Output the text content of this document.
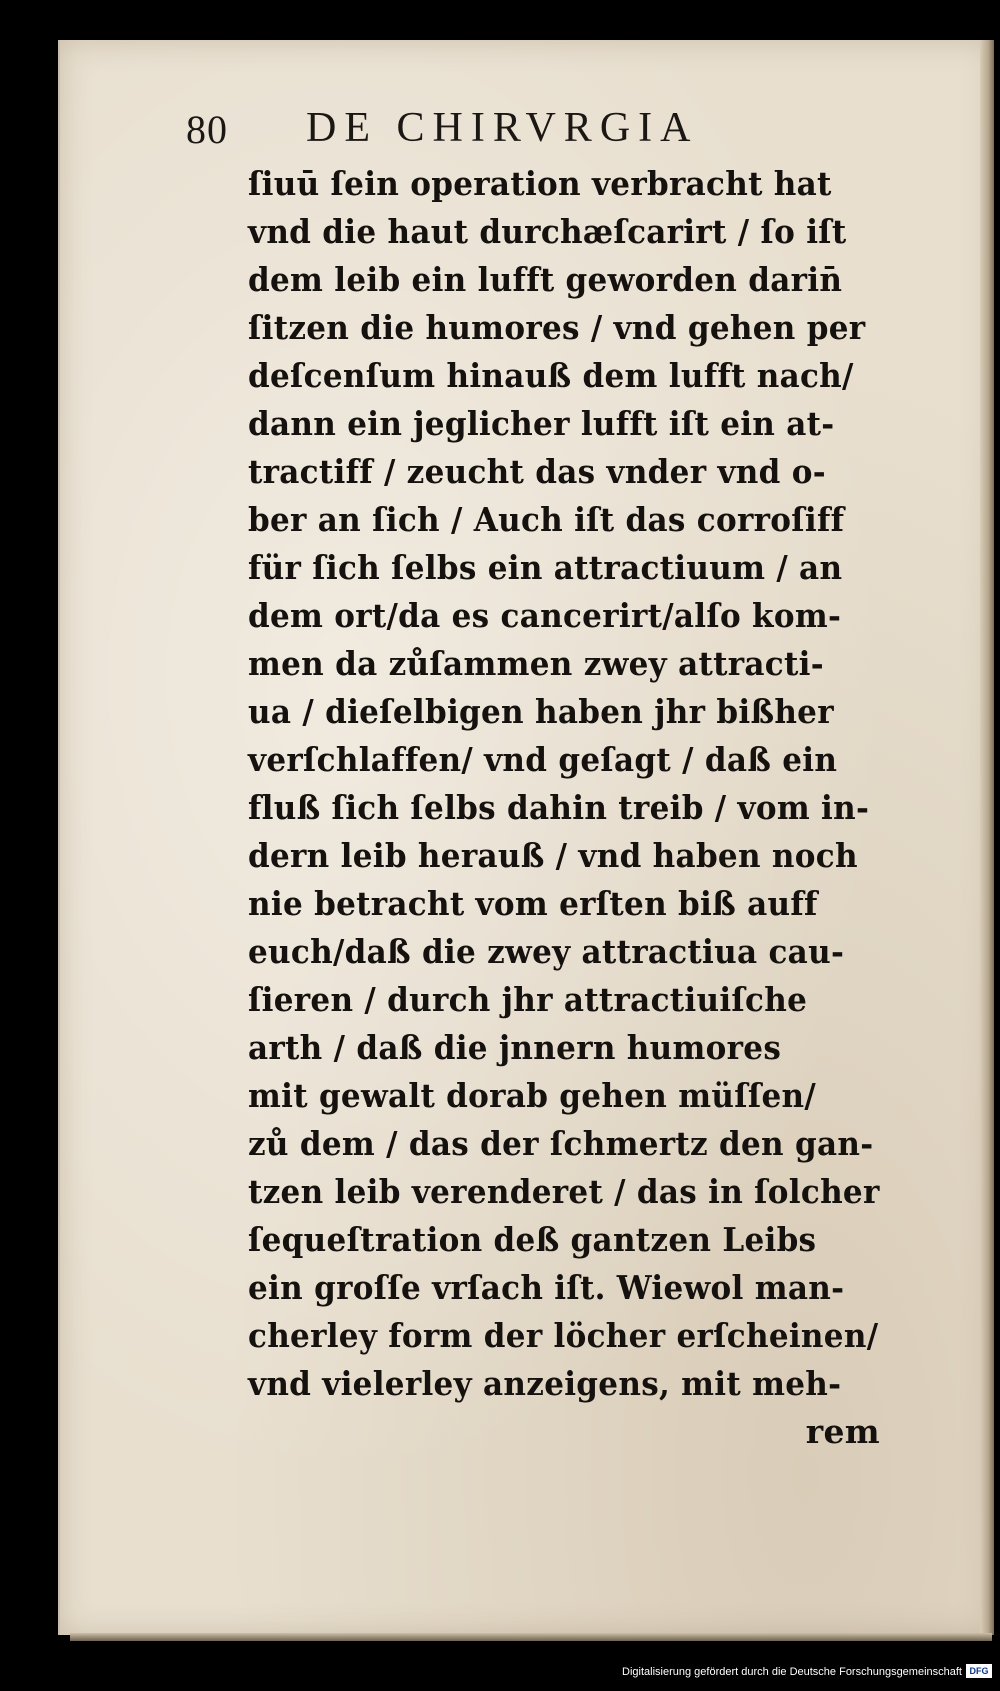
80 DE CHIRVRGIA
ſiuū ſein operation verbracht hat
vnd die haut durchæſcarirt / ſo iſt
dem leib ein lufft geworden darin̄
ſitzen die humores / vnd gehen per
deſcenſum hinauß dem lufft nach/
dann ein jeglicher lufft iſt ein at-
tractiff / zeucht das vnder vnd o-
ber an ſich / Auch iſt das corroſiff
für ſich ſelbs ein attractiuum / an
dem ort/da es cancerirt/alſo kom-
men da zůſammen zwey attracti-
ua / dieſelbigen haben jhr bißher
verſchlaffen/ vnd geſagt / daß ein
fluß ſich ſelbs dahin treib / vom in-
dern leib herauß / vnd haben noch
nie betracht vom erſten biß auff
euch/daß die zwey attractiua cau-
ſieren / durch jhr attractiuiſche
arth / daß die jnnern humores
mit gewalt dorab gehen müſſen/
zů dem / das der ſchmertz den gan-
tzen leib verenderet / das in ſolcher
ſequeſtration deß gantzen Leibs
ein groſſe vrſach iſt. Wiewol man-
cherley form der löcher erſcheinen/
vnd vielerley anzeigens, mit meh-
rem
Digitalisierung gefördert durch die Deutsche Forschungsgemeinschaft DFG
